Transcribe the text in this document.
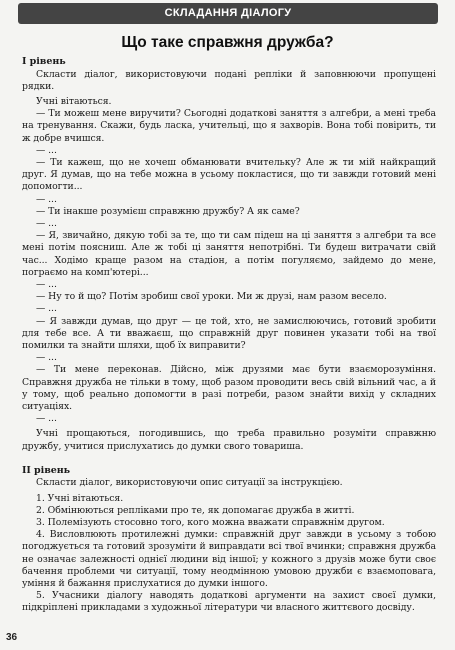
СКЛАДАННЯ ДІАЛОГУ
Що таке справжня дружба?
І рівень

Скласти діалог, використовуючи подані репліки й заповнюючи пропущені рядки.

Учні вітаються.

— Ти можеш мене виручити? Сьогодні додаткові заняття з алгебри, а мені треба на тренування. Скажи, будь ласка, учительці, що я захворів. Вона тобі повірить, ти ж добре вчишся.

— ...

— Ти кажеш, що не хочеш обманювати вчительку? Але ж ти мій найкращий друг. Я думав, що на тебе можна в усьому покластися, що ти завжди готовий мені допомогти...

— ...

— Ти інакше розумієш справжню дружбу? А як саме?

— ...

— Я, звичайно, дякую тобі за те, що ти сам підеш на ці заняття з алгебри та все мені потім поясниш. Але ж тобі ці заняття непотрібні. Ти будеш витрачати свій час... Ходімо краще разом на стадіон, а потім погуляємо, зайдемо до мене, пограємо на комп'ютері...

— ...

— Ну то й що? Потім зробиш свої уроки. Ми ж друзі, нам разом весело.

— ...

— Я завжди думав, що друг — це той, хто, не замислюючись, готовий зробити для тебе все. А ти вважаєш, що справжній друг повинен указати тобі на твої помилки та знайти шляхи, щоб їх виправити?

— ...

— Ти мене переконав. Дійсно, між друзями має бути взаєморозуміння. Справжня дружба не тільки в тому, щоб разом проводити весь свій вільний час, а й у тому, щоб реально допомогти в разі потреби, разом знайти вихід у складних ситуаціях.

— ...

Учні прощаються, погодившись, що треба правильно розуміти справжню дружбу, учитися прислухатись до думки свого товариша.

ІІ рівень

Скласти діалог, використовуючи опис ситуації за інструкцією.

1. Учні вітаються.

2. Обмінюються репліками про те, як допомагає дружба в житті.

3. Полемізують стосовно того, кого можна вважати справжнім другом.

4. Висловлюють протилежні думки: справжній друг завжди в усьому з тобою погоджується та готовий зрозуміти й виправдати всі твої вчинки; справжня дружба не означає залежності однієї людини від іншої; у кожного з друзів може бути своє бачення проблеми чи ситуації, тому неодмінною умовою дружби є взаємоповага, уміння й бажання прислухатися до думки іншого.

5. Учасники діалогу наводять додаткові аргументи на захист своєї думки, підкріплені прикладами з художньої літератури чи власного життєвого досвіду.

36
